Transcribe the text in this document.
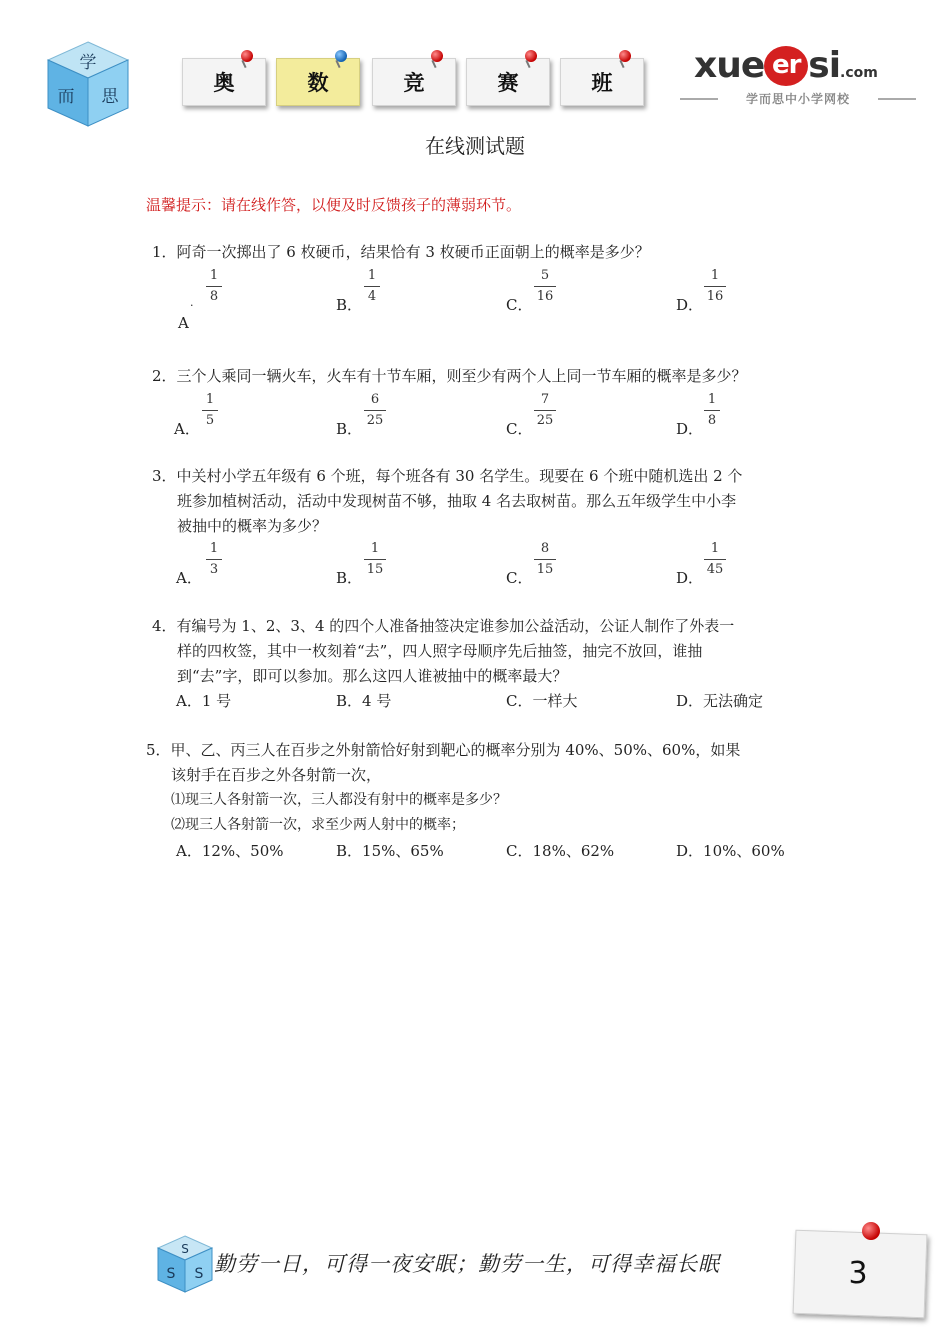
学
而 思
奥	数	竞	赛	班 xue er si.com
学而思中小学网校
在线测试题
温馨提示：请在线作答，以便及时反馈孩子的薄弱环节。
1．阿奇一次掷出了 6 枚硬币，结果恰有 3 枚硬币正面朝上的概率是多少？
.
A
1
8	B．
1
4	C．
5
16	D．
1
16
2．三个人乘同一辆火车，火车有十节车厢，则至少有两个人上同一节车厢的概率是多少？
A．
1
5	B．
6
25	C．
7
25	D．
1
8
3．中关村小学五年级有 6 个班，每个班各有 30 名学生。现要在 6 个班中随机选出 2 个
班参加植树活动，活动中发现树苗不够，抽取 4 名去取树苗。那么五年级学生中小李
被抽中的概率为多少？
A．
1
3	B．
1
15	C．
8
15	D．
1
45
4．有编号为 1、2、3、4 的四个人准备抽签决定谁参加公益活动，公证人制作了外表一
样的四枚签，其中一枚刻着“去”，四人照字母顺序先后抽签，抽完不放回，谁抽
到“去”字，即可以参加。那么这四人谁被抽中的概率最大？
A．1 号	B．4 号	C．一样大	D．无法确定
5．甲、乙、丙三人在百步之外射箭恰好射到靶心的概率分别为 40%、50%、60%，如果
该射手在百步之外各射箭一次，
⑴现三人各射箭一次，三人都没有射中的概率是多少？
⑵现三人各射箭一次，求至少两人射中的概率；
A．12%、50%	B．15%、65%	C．18%、62%	D．10%、60%
S
S S 勤劳一日，可得一夜安眠；勤劳一生，可得幸福长眠	3
